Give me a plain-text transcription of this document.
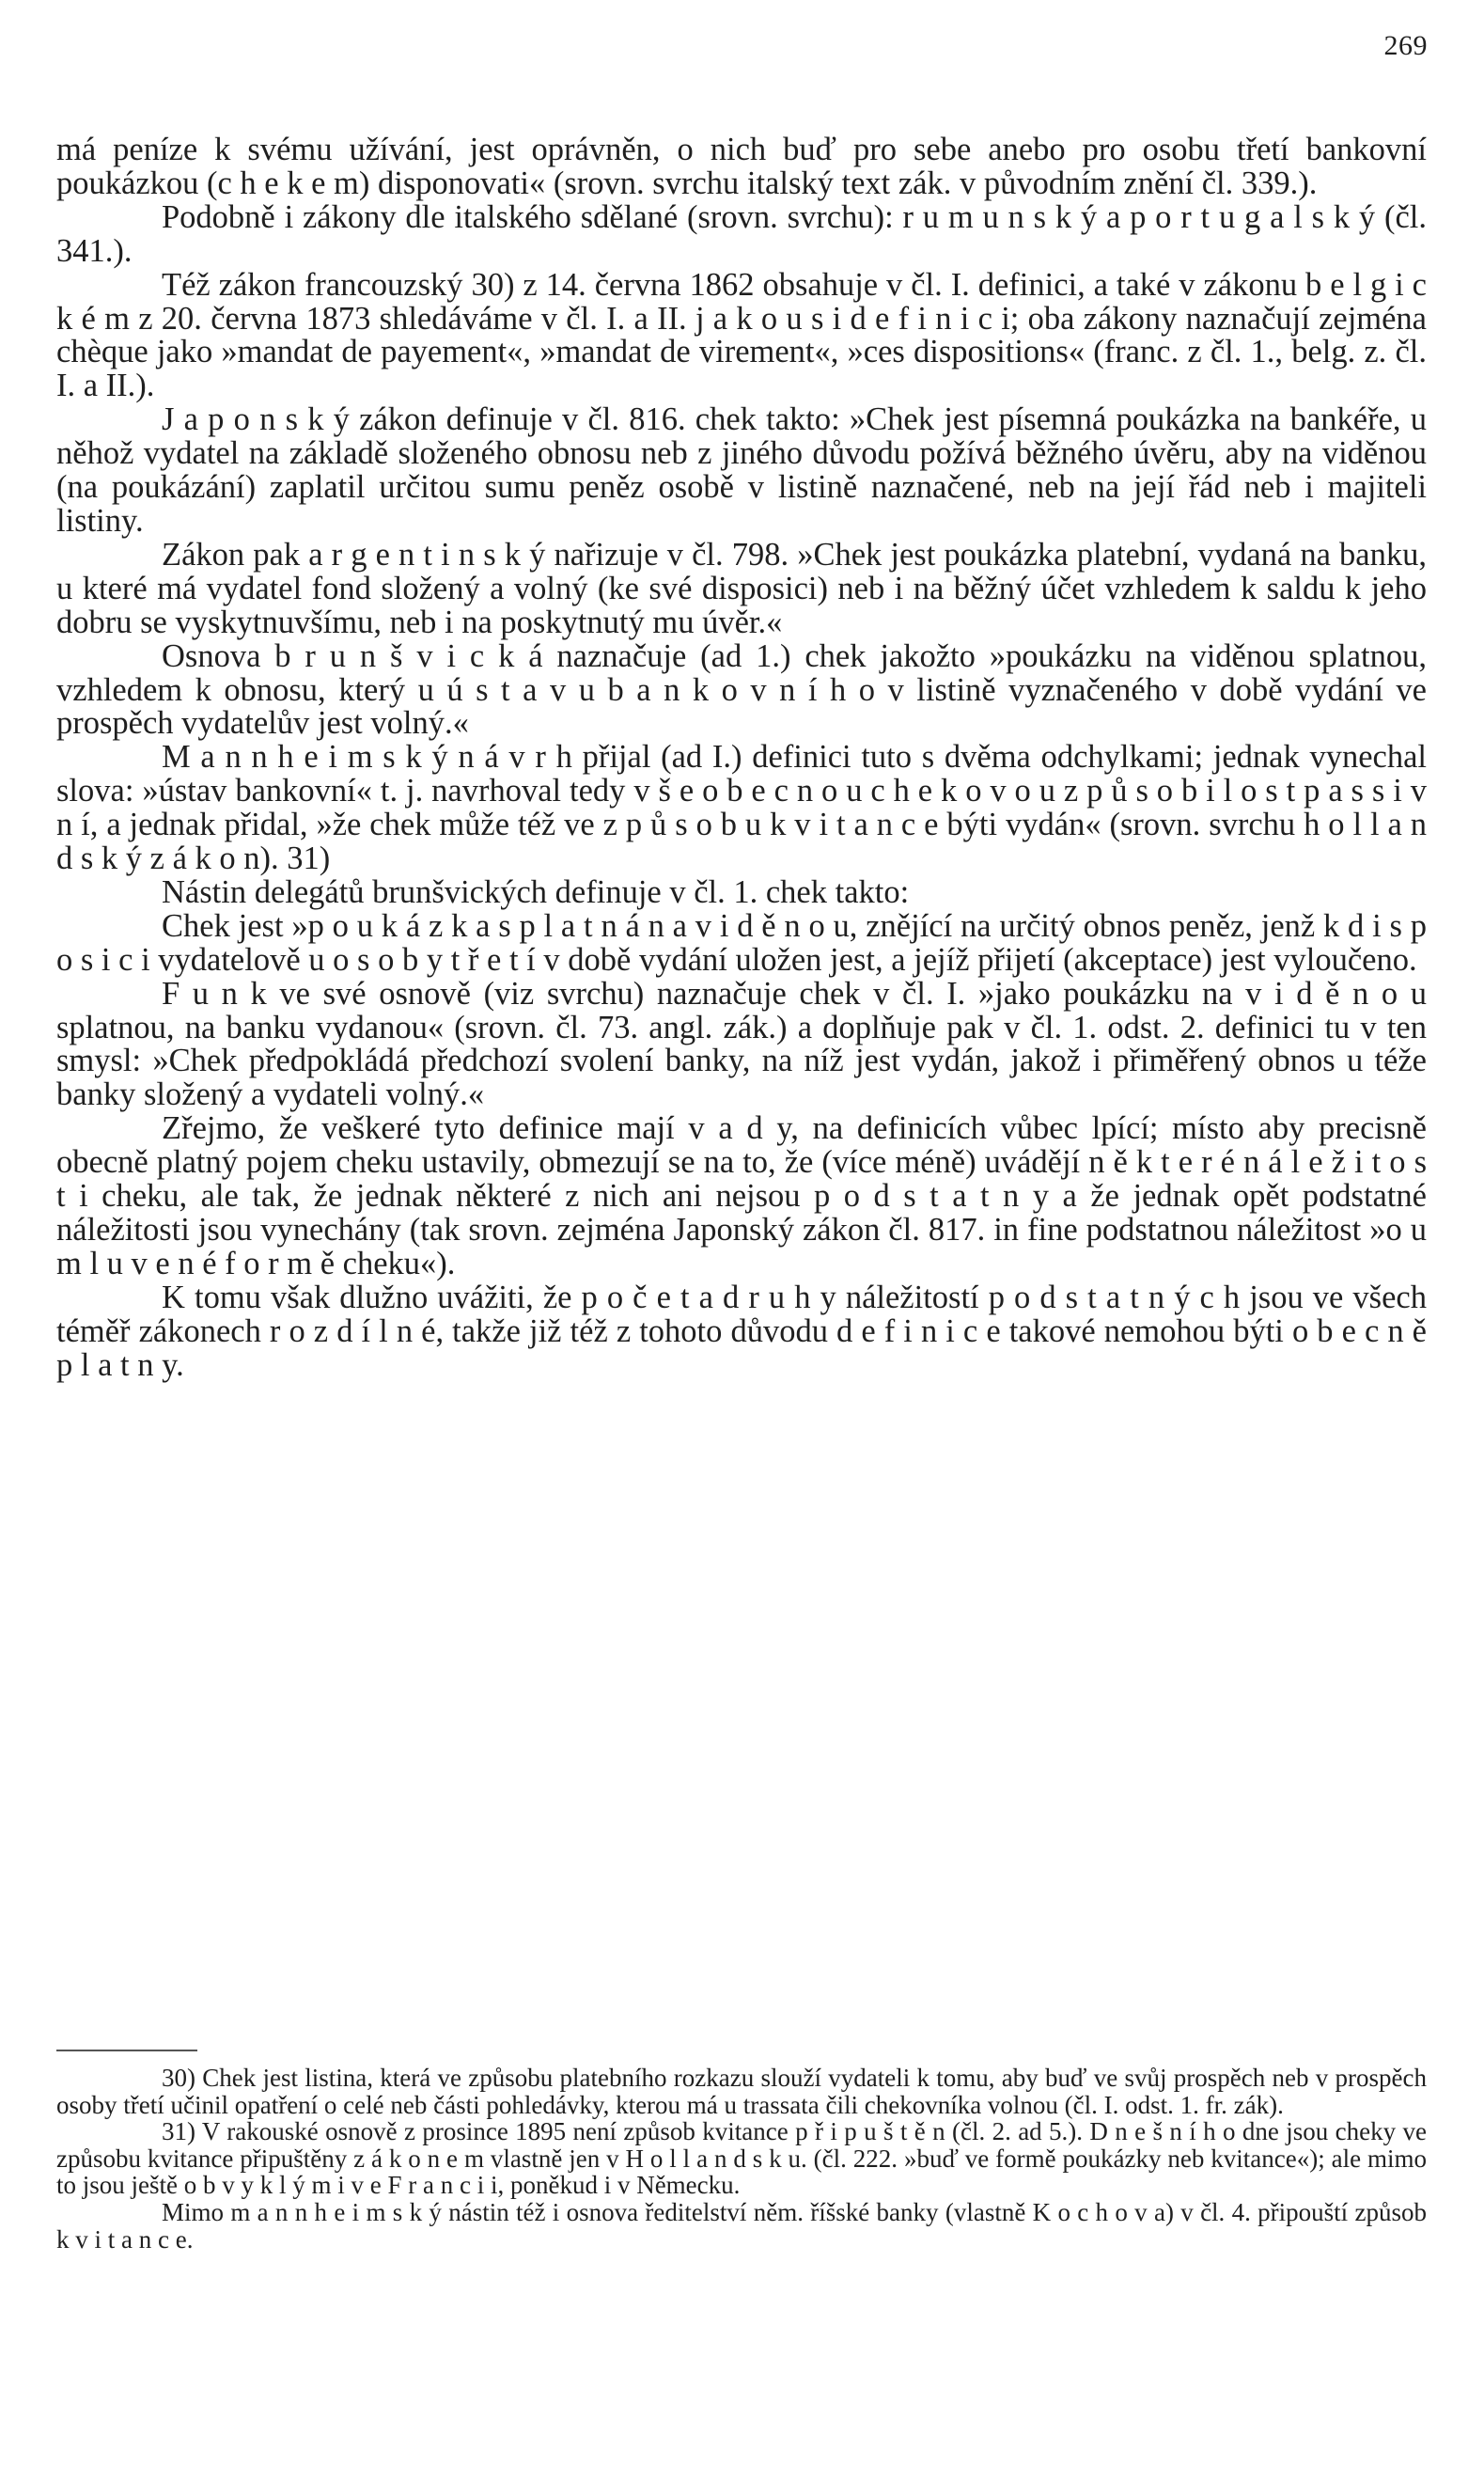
269

má peníze k svému užívání, jest oprávněn, o nich buď pro sebe anebo pro osobu třetí bankovní poukázkou (c h e k e m) disponovati« (srovn. svrchu italský text zák. v původním znění čl. 339.).

Podobně i zákony dle italského sdělané (srovn. svrchu): r u m u n s k ý a p o r t u g a l s k ý (čl. 341.).

Též zákon francouzský 30) z 14. června 1862 obsahuje v čl. I. definici, a také v zákonu b e l g i c k é m z 20. června 1873 shledáváme v čl. I. a II. j a k o u s i d e f i n i c i; oba zákony naznačují zejména chèque jako »mandat de payement«, »mandat de virement«, »ces dispositions« (franc. z čl. 1., belg. z. čl. I. a II.).

J a p o n s k ý zákon definuje v čl. 816. chek takto: »Chek jest písemná poukázka na bankéře, u něhož vydatel na základě složeného obnosu neb z jiného důvodu požívá běžného úvěru, aby na viděnou (na poukázání) zaplatil určitou sumu peněz osobě v listině naznačené, neb na její řád neb i majiteli listiny.

Zákon pak a r g e n t i n s k ý nařizuje v čl. 798. »Chek jest poukázka platební, vydaná na banku, u které má vydatel fond složený a volný (ke své disposici) neb i na běžný účet vzhledem k saldu k jeho dobru se vyskytnuvšímu, neb i na poskytnutý mu úvěr.«

Osnova b r u n š v i c k á naznačuje (ad 1.) chek jakožto »poukázku na viděnou splatnou, vzhledem k obnosu, který u ú s t a v u b a n k o v n í h o v listině vyznačeného v době vydání ve prospěch vydatelův jest volný.«

M a n n h e i m s k ý n á v r h přijal (ad I.) definici tuto s dvěma odchylkami; jednak vynechal slova: »ústav bankovní« t. j. navrhoval tedy v š e o b e c n o u c h e k o v o u z p ů s o b i l o s t p a s s i v n í, a jednak přidal, »že chek může též ve z p ů s o b u k v i t a n c e býti vydán« (srovn. svrchu h o l l a n d s k ý z á k o n). 31)

Nástin delegátů brunšvických definuje v čl. 1. chek takto:

Chek jest »p o u k á z k a s p l a t n á n a v i d ě n o u, znějící na určitý obnos peněz, jenž k d i s p o s i c i vydatelově u o s o b y t ř e t í v době vydání uložen jest, a jejíž přijetí (akceptace) jest vyloučeno.

F u n k ve své osnově (viz svrchu) naznačuje chek v čl. I. »jako poukázku na v i d ě n o u splatnou, na banku vydanou« (srovn. čl. 73. angl. zák.) a doplňuje pak v čl. 1. odst. 2. definici tu v ten smysl: »Chek předpokládá předchozí svolení banky, na níž jest vydán, jakož i přiměřený obnos u téže banky složený a vydateli volný.«

Zřejmo, že veškeré tyto definice mají v a d y, na definicích vůbec lpící; místo aby precisně obecně platný pojem cheku ustavily, obmezují se na to, že (více méně) uvádějí n ě k t e r é n á l e ž i t o s t i cheku, ale tak, že jednak některé z nich ani nejsou p o d s t a t n y a že jednak opět podstatné náležitosti jsou vynechány (tak srovn. zejména Japonský zákon čl. 817. in fine podstatnou náležitost »o u m l u v e n é f o r m ě cheku«).

K tomu však dlužno uvážiti, že p o č e t a d r u h y náležitostí p o d s t a t n ý c h jsou ve všech téměř zákonech r o z d í l n é, takže již též z tohoto důvodu d e f i n i c e takové nemohou býti o b e c n ě p l a t n y.

30) Chek jest listina, která ve způsobu platebního rozkazu slouží vydateli k tomu, aby buď ve svůj prospěch neb v prospěch osoby třetí učinil opatření o celé neb části pohledávky, kterou má u trassata čili chekovníka volnou (čl. I. odst. 1. fr. zák).

31) V rakouské osnově z prosince 1895 není způsob kvitance p ř i p u š t ě n (čl. 2. ad 5.). D n e š n í h o dne jsou cheky ve způsobu kvitance připuštěny z á k o n e m vlastně jen v H o l l a n d s k u. (čl. 222. »buď ve formě poukázky neb kvitance«); ale mimo to jsou ještě o b v y k l ý m i v e F r a n c i i, poněkud i v Německu.

Mimo m a n n h e i m s k ý nástin též i osnova ředitelství něm. říšské banky (vlastně K o c h o v a) v čl. 4. připouští způsob k v i t a n c e.
